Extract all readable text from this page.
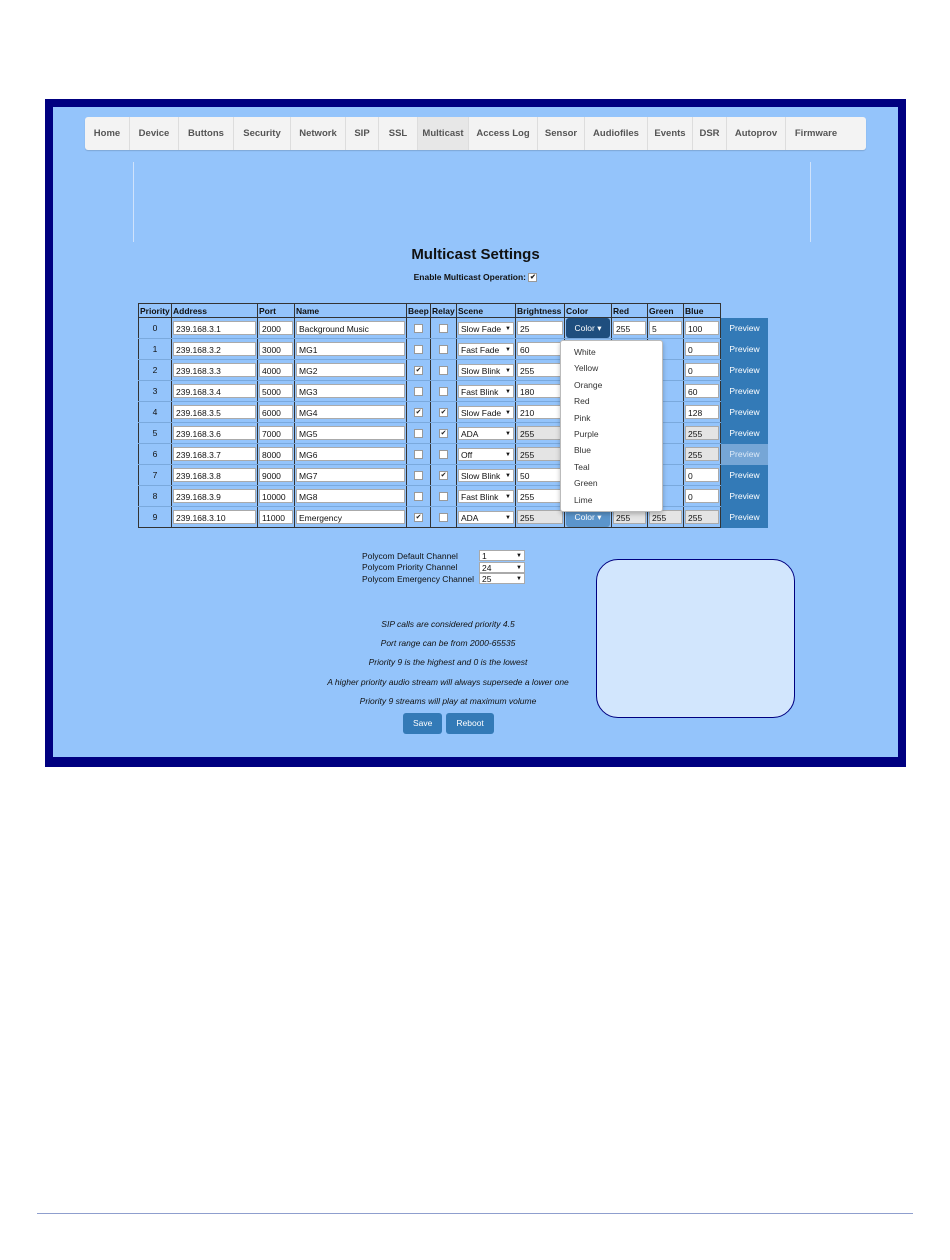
Home	Device	Buttons	Security	Network	SIP	SSL	Multicast	Access Log	Sensor	Audiofiles	Events	DSR	Autoprov	Firmware
Multicast Settings
Enable Multicast Operation: ✔
Priority	Address	Port	Name	Beep	Relay	Scene	Brightness	Color	Red	Green	Blue	
0	239.168.3.1	2000	Background Music			Slow Fade ▼	25	Color ▾	255	5	100	Preview

1	239.168.3.2	3000	MG1			Fast Fade ▼	60				0	Preview

2	239.168.3.3	4000	MG2	✔		Slow Blink ▼	255				0	Preview

3	239.168.3.4	5000	MG3			Fast Blink ▼	180				60	Preview

4	239.168.3.5	6000	MG4	✔	✔	Slow Fade ▼	210				128	Preview

5	239.168.3.6	7000	MG5		✔	ADA ▼	255				255	Preview

6	239.168.3.7	8000	MG6			Off ▼	255				255	Preview

7	239.168.3.8	9000	MG7		✔	Slow Blink ▼	50				0	Preview

8	239.168.3.9	10000	MG8			Fast Blink ▼	255				0	Preview

9	239.168.3.10	11000	Emergency	✔		ADA ▼	255	Color ▾	255	255	255	Preview
White
Yellow
Orange
Red
Pink
Purple
Blue
Teal
Green
Lime
Polycom Default Channel	1	▼
Polycom Priority Channel	24	▼
Polycom Emergency Channel 25	▼
SIP calls are considered priority 4.5
Port range can be from 2000-65535
Priority 9 is the highest and 0 is the lowest
A higher priority audio stream will always supersede a lower one
Priority 9 streams will play at maximum volume
Save	Reboot
